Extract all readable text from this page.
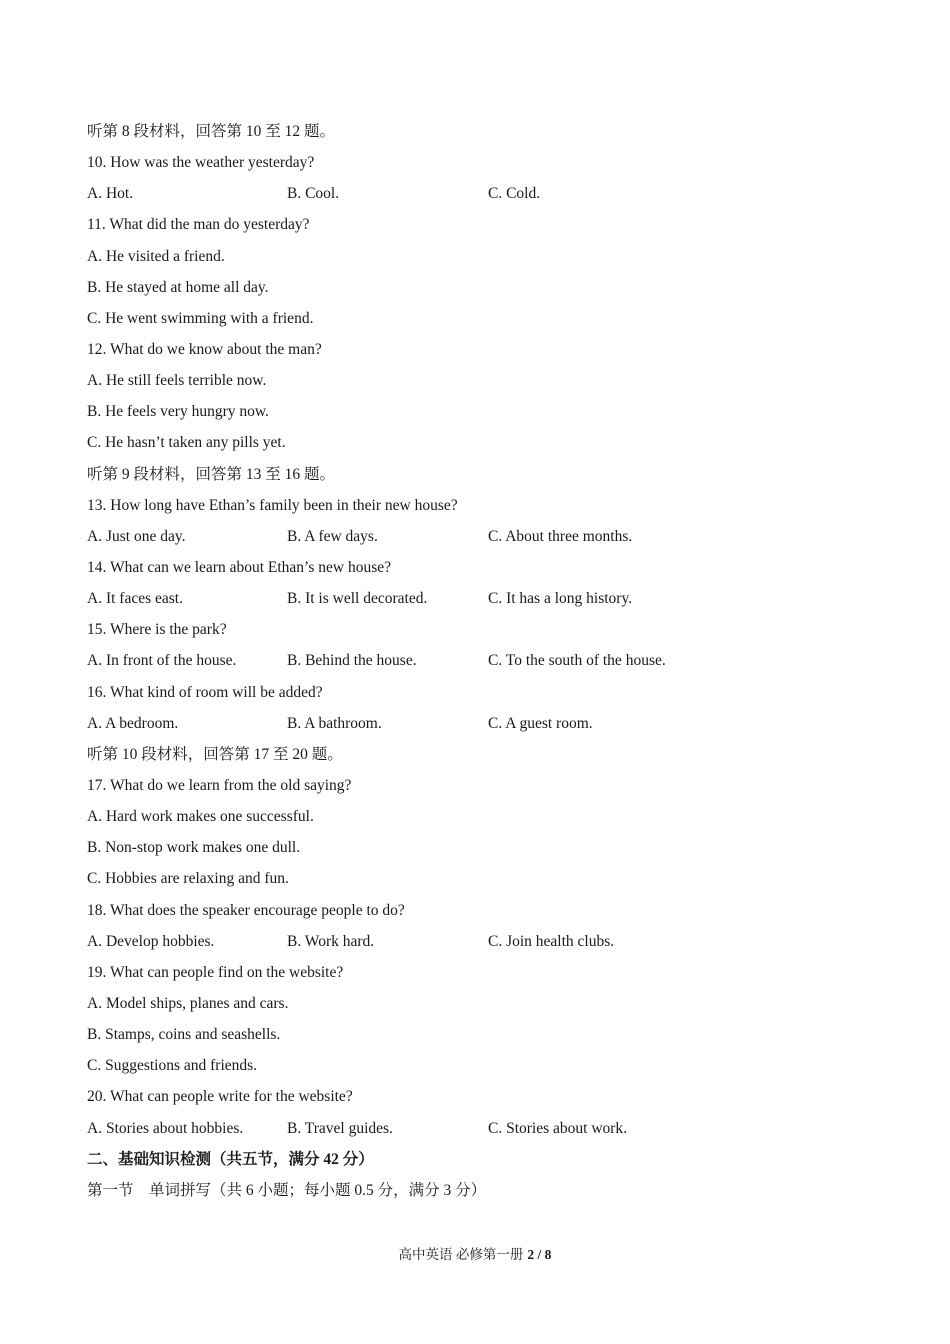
听第 8 段材料，回答第 10 至 12 题。
10. How was the weather yesterday?
A. Hot.	B. Cool.	C. Cold.
11. What did the man do yesterday?
A. He visited a friend.
B. He stayed at home all day.
C. He went swimming with a friend.
12. What do we know about the man?
A. He still feels terrible now.
B. He feels very hungry now.
C. He hasn’t taken any pills yet.
听第 9 段材料，回答第 13 至 16 题。
13. How long have Ethan’s family been in their new house?
A. Just one day.	B. A few days.	C. About three months.
14. What can we learn about Ethan’s new house?
A. It faces east.	B. It is well decorated.	C. It has a long history.
15. Where is the park?
A. In front of the house.	B. Behind the house.	C. To the south of the house.
16. What kind of room will be added?
A. A bedroom.	B. A bathroom.	C. A guest room.
听第 10 段材料，回答第 17 至 20 题。
17. What do we learn from the old saying?
A. Hard work makes one successful.
B. Non-stop work makes one dull.
C. Hobbies are relaxing and fun.
18. What does the speaker encourage people to do?
A. Develop hobbies.	B. Work hard.	C. Join health clubs.
19. What can people find on the website?
A. Model ships, planes and cars.
B. Stamps, coins and seashells.
C. Suggestions and friends.
20. What can people write for the website?
A. Stories about hobbies.	B. Travel guides.	C. Stories about work.
二、基础知识检测（共五节，满分 42 分）
第一节　单词拼写（共 6 小题；每小题 0.5 分，满分 3 分）
高中英语 必修第一册 2 / 8
